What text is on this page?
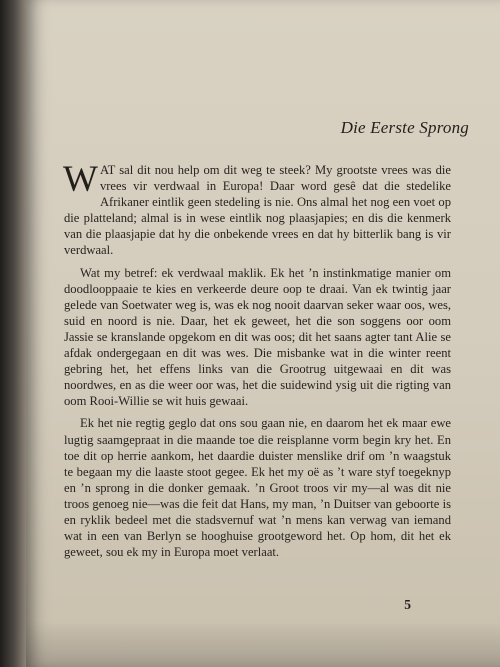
Die Eerste Sprong

WAT sal dit nou help om dit weg te steek? My grootste vrees was die vrees vir verdwaal in Europa! Daar word gesê dat die stedelike Afrikaner eintlik geen stedeling is nie. Ons almal het nog een voet op die platteland; almal is in wese eintlik nog plaasjapies; en dis die kenmerk van die plaasjapie dat hy die onbekende vrees en dat hy bitterlik bang is vir verdwaal.

Wat my betref: ek verdwaal maklik. Ek het ’n instinkmatige manier om doodlooppaaie te kies en verkeerde deure oop te draai. Van ek twintig jaar gelede van Soetwater weg is, was ek nog nooit daarvan seker waar oos, wes, suid en noord is nie. Daar, het ek geweet, het die son soggens oor oom Jassie se kranslande opgekom en dit was oos; dit het saans agter tant Alie se afdak ondergegaan en dit was wes. Die misbanke wat in die winter reent gebring het, het effens links van die Grootrug uitgewaai en dit was noordwes, en as die weer oor was, het die suidewind ysig uit die rigting van oom Rooi-Willie se wit huis gewaai.

Ek het nie regtig geglo dat ons sou gaan nie, en daarom het ek maar ewe lugtig saamgepraat in die maande toe die reisplanne vorm begin kry het. En toe dit op herrie aankom, het daardie duister menslike drif om ’n waagstuk te begaan my die laaste stoot gegee. Ek het my oë as ’t ware styf toegeknyp en ’n sprong in die donker gemaak. ’n Groot troos vir my—al was dit nie troos genoeg nie—was die feit dat Hans, my man, ’n Duitser van geboorte is en ryklik bedeel met die stadsvernuf wat ’n mens kan verwag van iemand wat in een van Berlyn se hooghuise grootgeword het. Op hom, dit het ek geweet, sou ek my in Europa moet verlaat.

5
